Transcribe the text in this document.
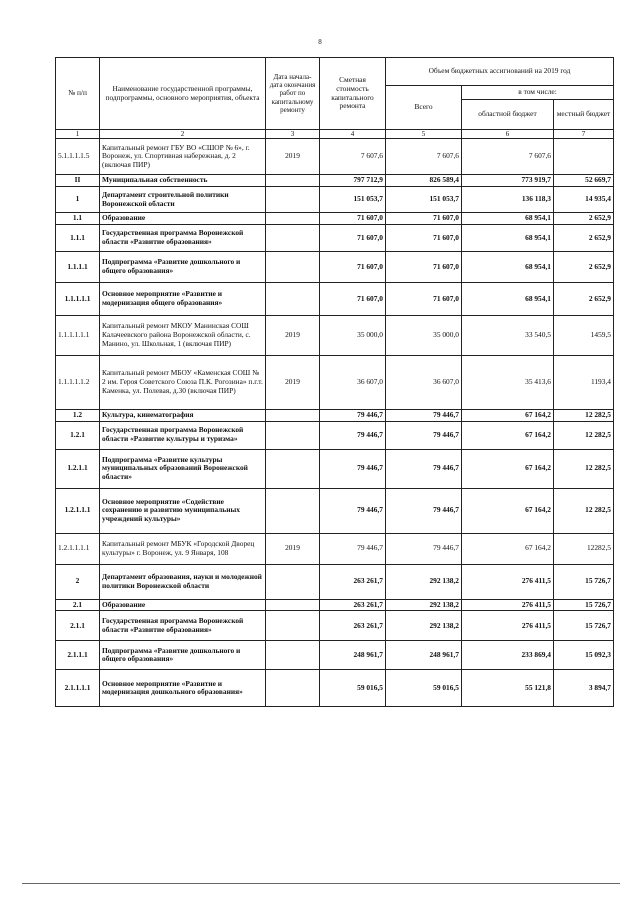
8
№ п/п	Наименование государственной программы, подпрограммы, основного мероприятия, объекта	Дата начала-дата окончания работ по капитальному ремонту	Сметная стоимость капитального ремонта	Объем бюджетных ассигнований на 2019 год		
				Всего	в том числе:	
					областной бюджет	местный бюджет
1	2	3	4	5	6	7
5.1.1.1.1.5	Капитальный ремонт ГБУ ВО «СШОР № 6», г. Воронеж, ул. Спортивная набережная, д. 2 (включая ПИР)	2019	7 607,6	7 607,6	7 607,6	
II	Муниципальная собственность		797 712,9	826 589,4	773 919,7	52 669,7
1	Департамент строительной политики Воронежской области		151 053,7	151 053,7	136 118,3	14 935,4
1.1	Образование		71 607,0	71 607,0	68 954,1	2 652,9
1.1.1	Государственная программа Воронежской области «Развитие образования»		71 607,0	71 607,0	68 954,1	2 652,9
1.1.1.1	Подпрограмма «Развитие дошкольного и общего образования»		71 607,0	71 607,0	68 954,1	2 652,9
1.1.1.1.1	Основное мероприятие «Развитие и модернизация общего образования»		71 607,0	71 607,0	68 954,1	2 652,9
1.1.1.1.1.1	Капитальный ремонт МКОУ Манинская СОШ Калачеевского района Воронежской области, с. Манино, ул. Школьная, 1 (включая ПИР)	2019	35 000,0	35 000,0	33 540,5	1459,5
1.1.1.1.1.2	Капитальный ремонт МБОУ «Каменская СОШ № 2 им. Героя Советского Союза П.К. Рогозина» п.г.т. Каменка, ул. Полевая, д.30 (включая ПИР)	2019	36 607,0	36 607,0	35 413,6	1193,4
1.2	Культура, кинематография		79 446,7	79 446,7	67 164,2	12 282,5
1.2.1	Государственная программа Воронежской области «Развитие культуры и туризма»		79 446,7	79 446,7	67 164,2	12 282,5
1.2.1.1	Подпрограмма «Развитие культуры муниципальных образований Воронежской области»		79 446,7	79 446,7	67 164,2	12 282,5
1.2.1.1.1	Основное мероприятие «Содействие сохранению и развитию муниципальных учреждений культуры»		79 446,7	79 446,7	67 164,2	12 282,5
1.2.1.1.1.1	Капитальный ремонт МБУК «Городской Дворец культуры» г. Воронеж, ул. 9 Января, 108	2019	79 446,7	79 446,7	67 164,2	12282,5
2	Департамент образования, науки и молодежной политики Воронежской области		263 261,7	292 138,2	276 411,5	15 726,7
2.1	Образование		263 261,7	292 138,2	276 411,5	15 726,7
2.1.1	Государственная программа Воронежской области «Развитие образования»		263 261,7	292 138,2	276 411,5	15 726,7
2.1.1.1	Подпрограмма «Развитие дошкольного и общего образования»		248 961,7	248 961,7	233 869,4	15 092,3
2.1.1.1.1	Основное мероприятие «Развитие и модернизация дошкольного образования»		59 016,5	59 016,5	55 121,8	3 894,7
